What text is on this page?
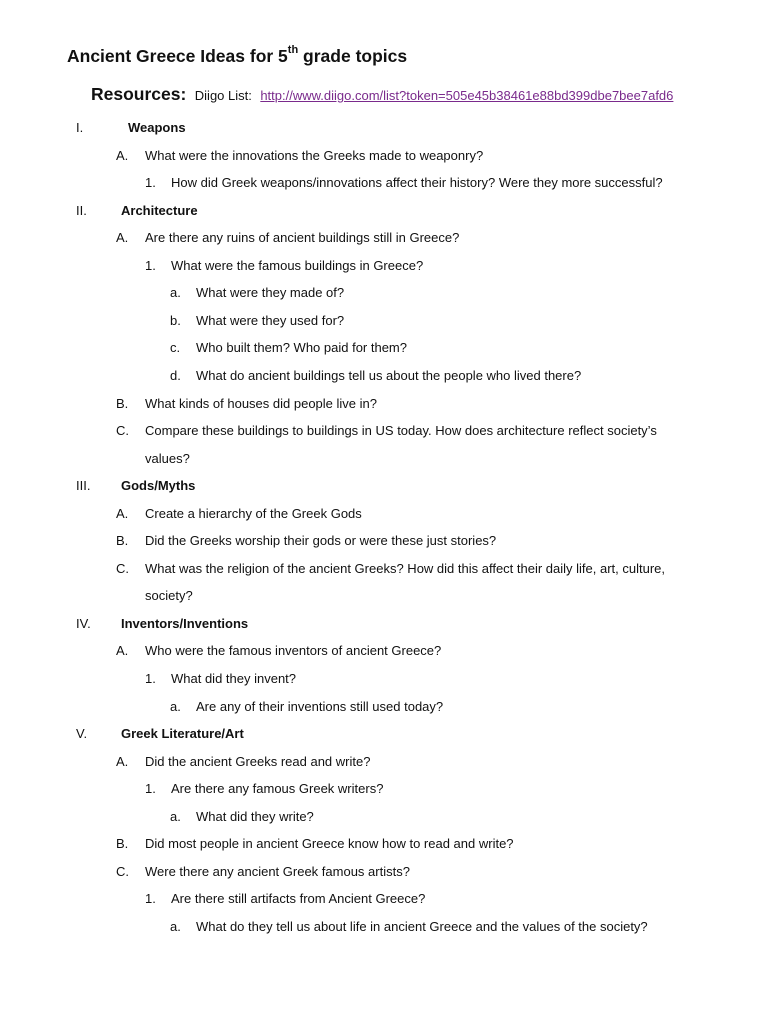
Ancient Greece Ideas for 5th grade topics
Resources: Diigo List: http://www.diigo.com/list?token=505e45b38461e88bd399dbe7bee7afd6
I.	Weapons
A. What were the innovations the Greeks made to weaponry?
1. How did Greek weapons/innovations affect their history? Were they more successful?
II.	Architecture
A. Are there any ruins of ancient buildings still in Greece?
1. What were the famous buildings in Greece?
a. What were they made of?
b. What were they used for?
c. Who built them? Who paid for them?
d. What do ancient buildings tell us about the people who lived there?
B. What kinds of houses did people live in?
C. Compare these buildings to buildings in US today. How does architecture reflect society’s
values?
III. Gods/Myths
A. Create a hierarchy of the Greek Gods
B. Did the Greeks worship their gods or were these just stories?
C. What was the religion of the ancient Greeks? How did this affect their daily life, art, culture,
society?
IV. Inventors/Inventions
A. Who were the famous inventors of ancient Greece?
1. What did they invent?
a. Are any of their inventions still used today?
V.	Greek Literature/Art
A. Did the ancient Greeks read and write?
1. Are there any famous Greek writers?
a. What did they write?
B. Did most people in ancient Greece know how to read and write?
C. Were there any ancient Greek famous artists?
1. Are there still artifacts from Ancient Greece?
a. What do they tell us about life in ancient Greece and the values of the society?
